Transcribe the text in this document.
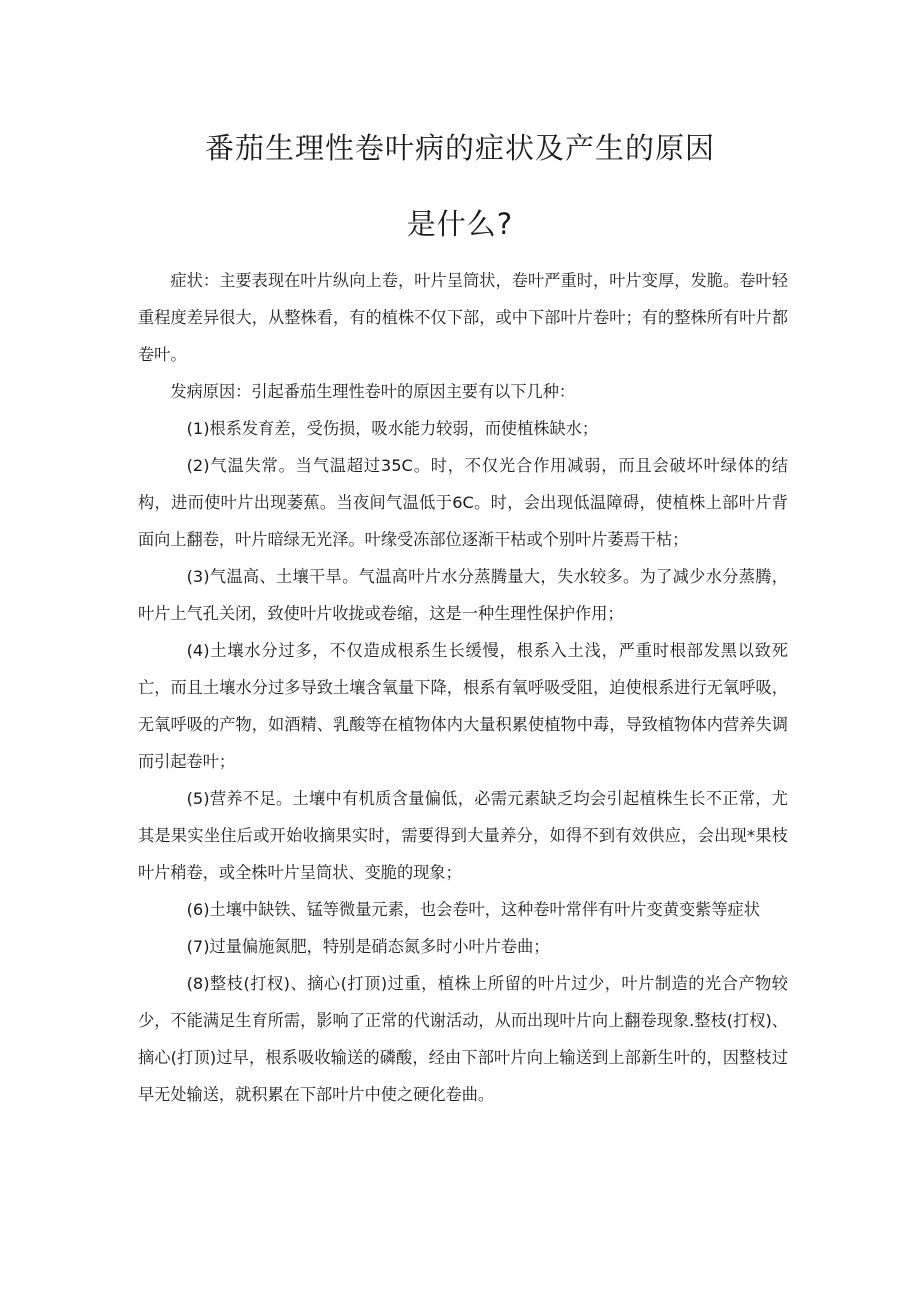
番茄生理性卷叶病的症状及产生的原因
是什么?

症状：主要表现在叶片纵向上卷，叶片呈筒状，卷叶严重时，叶片变厚，发脆。卷叶轻重程度差异很大，从整株看，有的植株不仅下部，或中下部叶片卷叶；有的整株所有叶片都卷叶。

发病原因：引起番茄生理性卷叶的原因主要有以下几种：

(1)根系发育差，受伤损，吸水能力较弱，而使植株缺水；

(2)气温失常。当气温超过35C。时，不仅光合作用减弱，而且会破坏叶绿体的结构，进而使叶片出现萎蕉。当夜间气温低于6C。时，会出现低温障碍，使植株上部叶片背面向上翻卷，叶片暗绿无光泽。叶缘受冻部位逐渐干枯或个别叶片萎焉干枯；

(3)气温高、土壤干旱。气温高叶片水分蒸腾量大，失水较多。为了减少水分蒸腾，叶片上气孔关闭，致使叶片收拢或卷缩，这是一种生理性保护作用；

(4)土壤水分过多，不仅造成根系生长缓慢，根系入土浅，严重时根部发黑以致死亡，而且土壤水分过多导致土壤含氧量下降，根系有氧呼吸受阻，迫使根系进行无氧呼吸，无氧呼吸的产物，如酒精、乳酸等在植物体内大量积累使植物中毒，导致植物体内营养失调而引起卷叶；

(5)营养不足。土壤中有机质含量偏低，必需元素缺乏均会引起植株生长不正常，尤其是果实坐住后或开始收摘果实时，需要得到大量养分，如得不到有效供应，会出现*果枝叶片稍卷，或全株叶片呈筒状、变脆的现象；

(6)土壤中缺铁、锰等微量元素，也会卷叶，这种卷叶常伴有叶片变黄变紫等症状

(7)过量偏施氮肥，特别是硝态氮多时小叶片卷曲；

(8)整枝(打杈)、摘心(打顶)过重，植株上所留的叶片过少，叶片制造的光合产物较少，不能满足生育所需，影响了正常的代谢活动，从而出现叶片向上翻卷现象.整枝(打杈)、摘心(打顶)过早，根系吸收输送的磷酸，经由下部叶片向上输送到上部新生叶的，因整枝过早无处输送，就积累在下部叶片中使之硬化卷曲。
